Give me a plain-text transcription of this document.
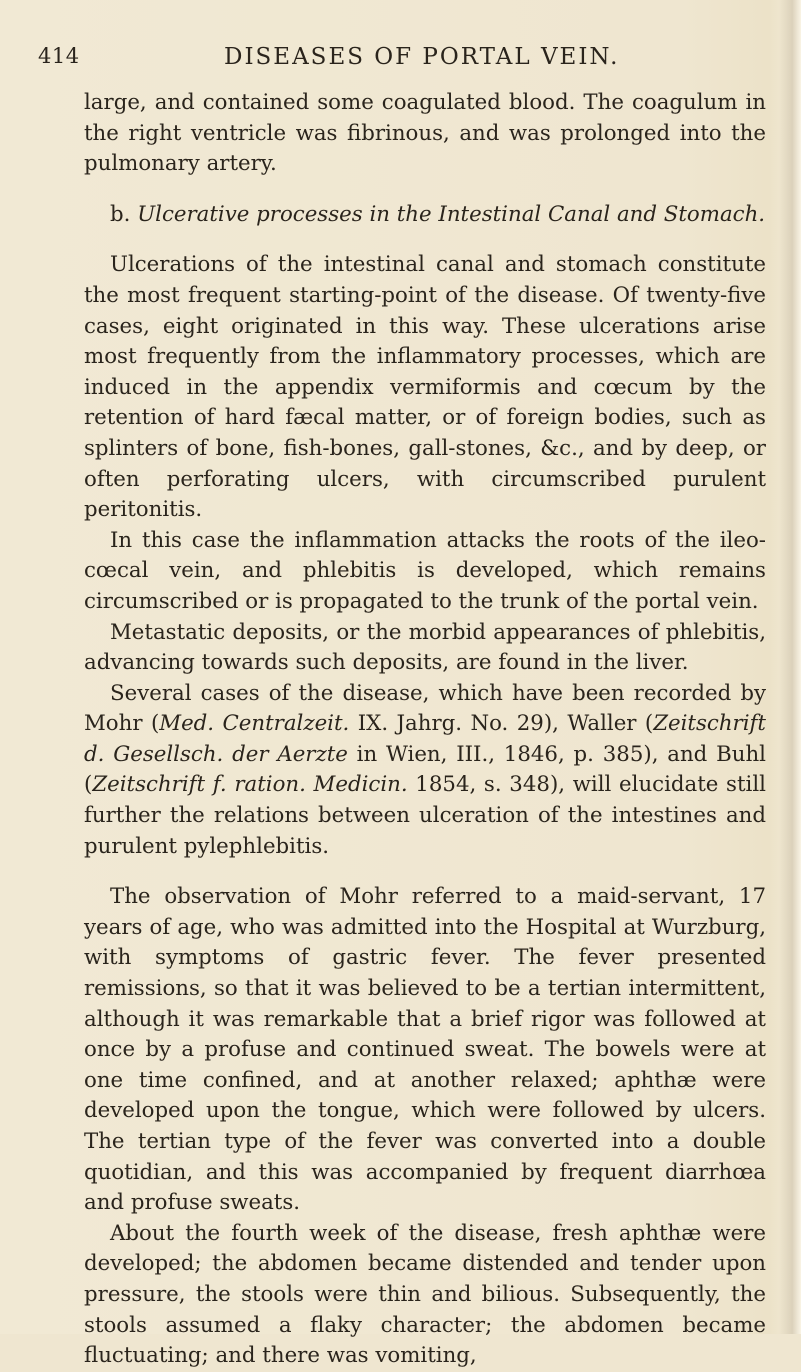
414	DISEASES OF PORTAL VEIN.

large, and contained some coagulated blood. The coagulum in the right ventricle was fibrinous, and was prolonged into the pulmonary artery.

b. Ulcerative processes in the Intestinal Canal and Stomach.

Ulcerations of the intestinal canal and stomach constitute the most frequent starting-point of the disease. Of twenty-five cases, eight originated in this way. These ulcerations arise most frequently from the inflammatory processes, which are induced in the appendix vermiformis and cœcum by the retention of hard fæcal matter, or of foreign bodies, such as splinters of bone, fish-bones, gall-stones, &c., and by deep, or often perforating ulcers, with circumscribed purulent peritonitis.

In this case the inflammation attacks the roots of the ileo-cœcal vein, and phlebitis is developed, which remains circumscribed or is propagated to the trunk of the portal vein.

Metastatic deposits, or the morbid appearances of phlebitis, advancing towards such deposits, are found in the liver.

Several cases of the disease, which have been recorded by Mohr (Med. Centralzeit. IX. Jahrg. No. 29), Waller (Zeitschrift d. Gesellsch. der Aerzte in Wien, III., 1846, p. 385), and Buhl (Zeitschrift f. ration. Medicin. 1854, s. 348), will elucidate still further the relations between ulceration of the intestines and purulent pylephlebitis.

The observation of Mohr referred to a maid-servant, 17 years of age, who was admitted into the Hospital at Wurzburg, with symptoms of gastric fever. The fever presented remissions, so that it was believed to be a tertian intermittent, although it was remarkable that a brief rigor was followed at once by a profuse and continued sweat. The bowels were at one time confined, and at another relaxed; aphthæ were developed upon the tongue, which were followed by ulcers. The tertian type of the fever was converted into a double quotidian, and this was accompanied by frequent diarrhœa and profuse sweats.

About the fourth week of the disease, fresh aphthæ were developed; the abdomen became distended and tender upon pressure, the stools were thin and bilious. Subsequently, the stools assumed a flaky character; the abdomen became fluctuating; and there was vomiting,
